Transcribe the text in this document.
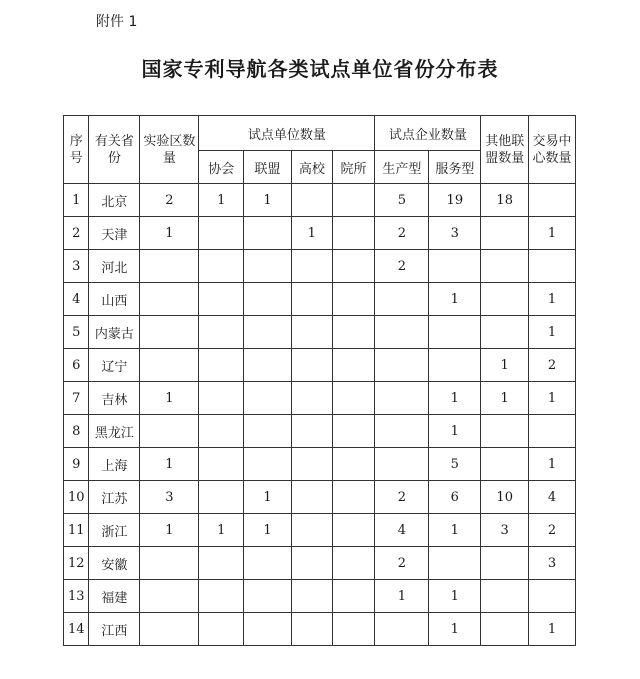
附件 1
国家专利导航各类试点单位省份分布表
序号	有关省份	实验区数量	试点单位数量				试点企业数量		其他联盟数量	交易中心数量
			协会	联盟	高校	院所	生产型	服务型		
1	北京	2	1	1			5	19	18	
2	天津	1			1		2	3		1
3	河北						2			
4	山西							1		1
5	内蒙古									1
6	辽宁								1	2
7	吉林	1						1	1	1
8	黑龙江							1		
9	上海	1						5		1
10	江苏	3		1			2	6	10	4
11	浙江	1	1	1			4	1	3	2
12	安徽						2			3
13	福建						1	1		
14	江西							1		1
